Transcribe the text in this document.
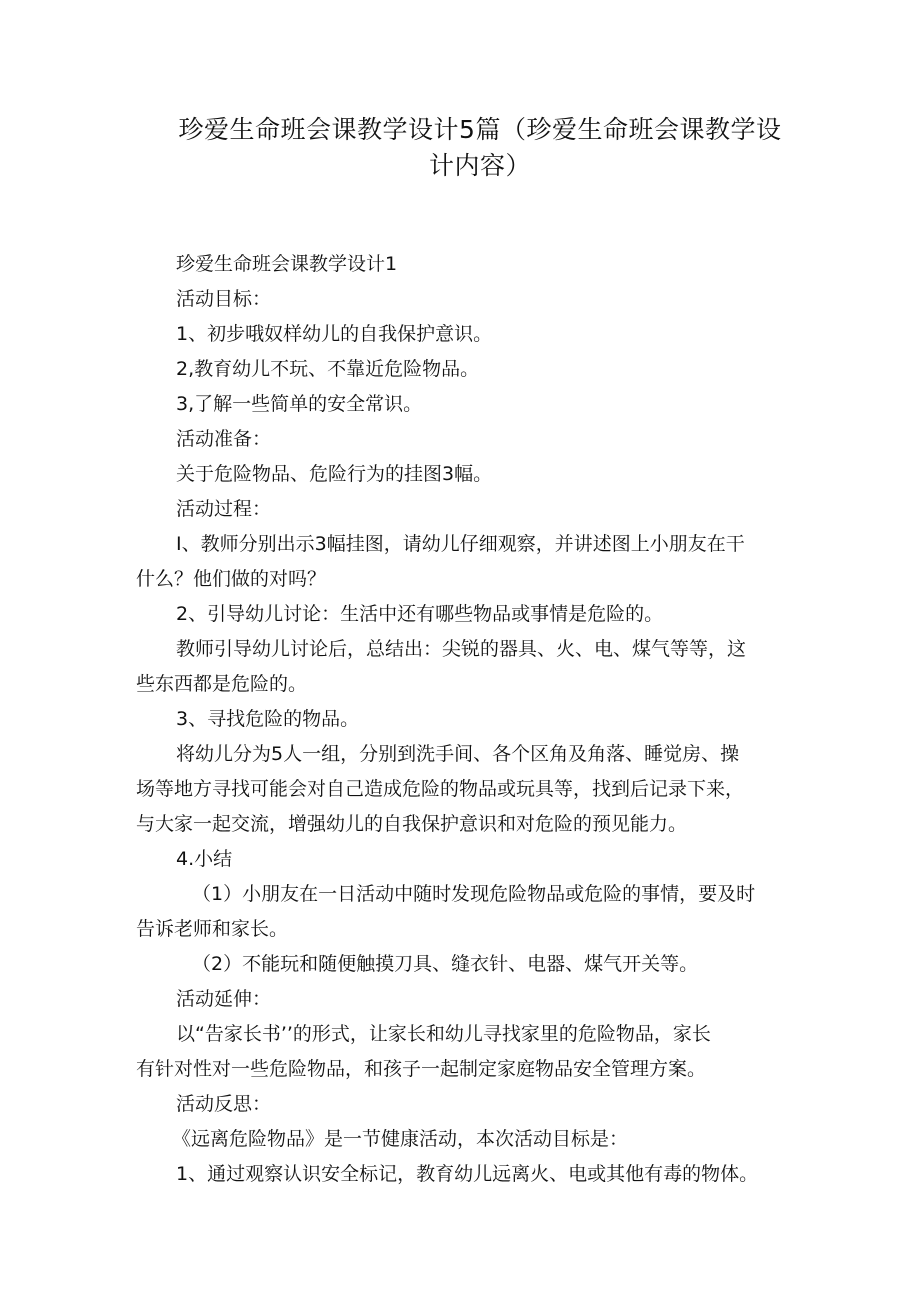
珍爱生命班会课教学设计5篇（珍爱生命班会课教学设
计内容）

珍爱生命班会课教学设计1

活动目标：

1、初步哦奴样幼儿的自我保护意识。

2,教育幼儿不玩、不靠近危险物品。

3,了解一些简单的安全常识。

活动准备：

关于危险物品、危险行为的挂图3幅。

活动过程：

I、教师分别出示3幅挂图，请幼儿仔细观察，并讲述图上小朋友在干
什么？他们做的对吗？

2、引导幼儿讨论：生活中还有哪些物品或事情是危险的。

教师引导幼儿讨论后，总结出：尖锐的器具、火、电、煤气等等，这
些东西都是危险的。

3、寻找危险的物品。

将幼儿分为5人一组，分别到洗手间、各个区角及角落、睡觉房、操
场等地方寻找可能会对自己造成危险的物品或玩具等，找到后记录下来，
与大家一起交流，增强幼儿的自我保护意识和对危险的预见能力。

4.小结

（1）小朋友在一日活动中随时发现危险物品或危险的事情，要及时
告诉老师和家长。

（2）不能玩和随便触摸刀具、缝衣针、电器、煤气开关等。

活动延伸：

以“告家长书’’的形式，让家长和幼儿寻找家里的危险物品，家长
有针对性对一些危险物品，和孩子一起制定家庭物品安全管理方案。

活动反思：

《远离危险物品》是一节健康活动，本次活动目标是：

1、通过观察认识安全标记，教育幼儿远离火、电或其他有毒的物体。
